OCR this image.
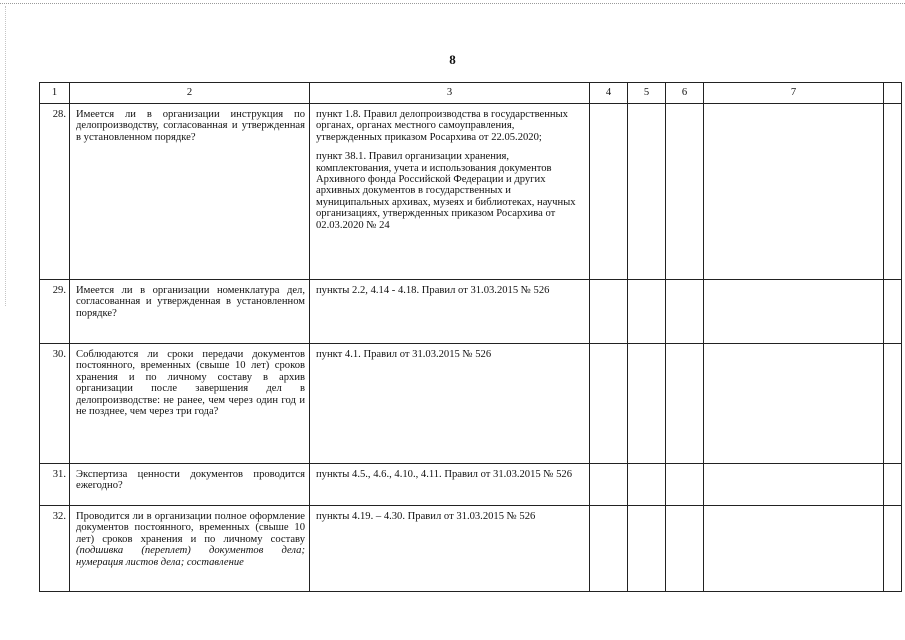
8
1	2	3	4	5	6	7	
28.	Имеется ли в организации инструкция по делопроизводству, согласованная и утвержденная в установленном порядке?	пункт 1.8. Правил делопроизводства в государственных органах, органах местного самоуправления, утвержденных приказом Росархива от 22.05.2020;

пункт 38.1. Правил организации хранения, комплектования, учета и использования документов Архивного фонда Российской Федерации и других архивных документов в государственных и муниципальных архивах, музеях и библиотеках, научных организациях, утвержденных приказом Росархива от 02.03.2020 № 24					

29.	Имеется ли в организации номенклатура дел, согласованная и утвержденная в установленном порядке?	пункты 2.2, 4.14 - 4.18. Правил от 31.03.2015 № 526					

30.	Соблюдаются ли сроки передачи документов постоянного, временных (свыше 10 лет) сроков хранения и по личному составу в архив организации после завершения дел в делопроизводстве: не ранее, чем через один год и не позднее, чем через три года?	пункт 4.1. Правил от 31.03.2015 № 526					

31.	Экспертиза ценности документов проводится ежегодно?	пункты 4.5., 4.6., 4.10., 4.11. Правил от 31.03.2015 № 526					

32.	Проводится ли в организации полное оформление документов постоянного, временных (свыше 10 лет) сроков хранения и по личному составу (подшивка (переплет) документов дела; нумерация листов дела; составление	пункты 4.19. – 4.30. Правил от 31.03.2015 № 526					
